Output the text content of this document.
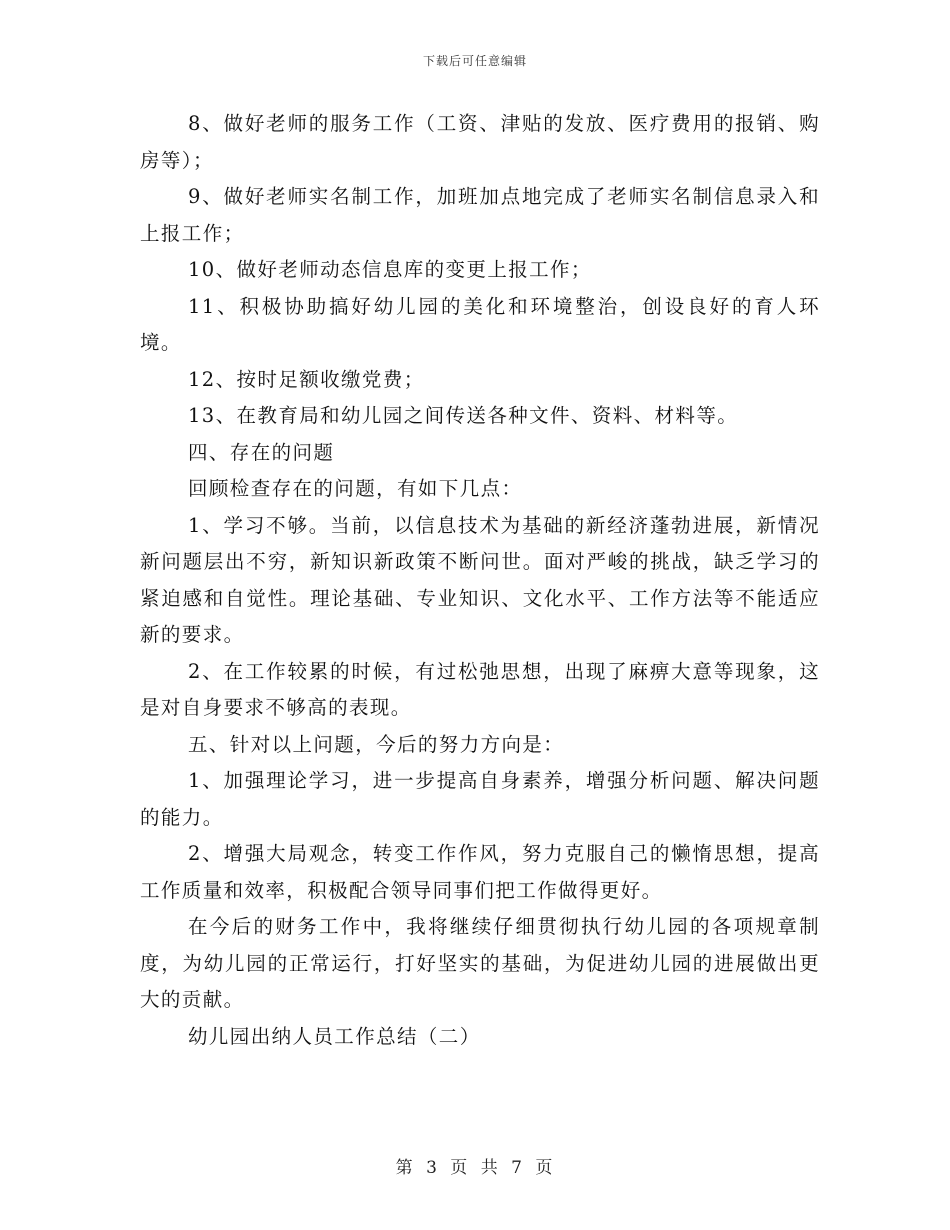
下载后可任意编辑

8、做好老师的服务工作（工资、津贴的发放、医疗费用的报销、购房等）；

9、做好老师实名制工作，加班加点地完成了老师实名制信息录入和上报工作；

10、做好老师动态信息库的变更上报工作；

11、积极协助搞好幼儿园的美化和环境整治，创设良好的育人环境。

12、按时足额收缴党费；

13、在教育局和幼儿园之间传送各种文件、资料、材料等。

四、存在的问题

回顾检查存在的问题，有如下几点：

1、学习不够。当前，以信息技术为基础的新经济蓬勃进展，新情况新问题层出不穷，新知识新政策不断问世。面对严峻的挑战，缺乏学习的紧迫感和自觉性。理论基础、专业知识、文化水平、工作方法等不能适应新的要求。

2、在工作较累的时候，有过松弛思想，出现了麻痹大意等现象，这是对自身要求不够高的表现。

五、针对以上问题，今后的努力方向是：

1、加强理论学习，进一步提高自身素养，增强分析问题、解决问题的能力。

2、增强大局观念，转变工作作风，努力克服自己的懒惰思想，提高工作质量和效率，积极配合领导同事们把工作做得更好。

在今后的财务工作中，我将继续仔细贯彻执行幼儿园的各项规章制度，为幼儿园的正常运行，打好坚实的基础，为促进幼儿园的进展做出更大的贡献。

幼儿园出纳人员工作总结（二）

第 3 页 共 7 页
